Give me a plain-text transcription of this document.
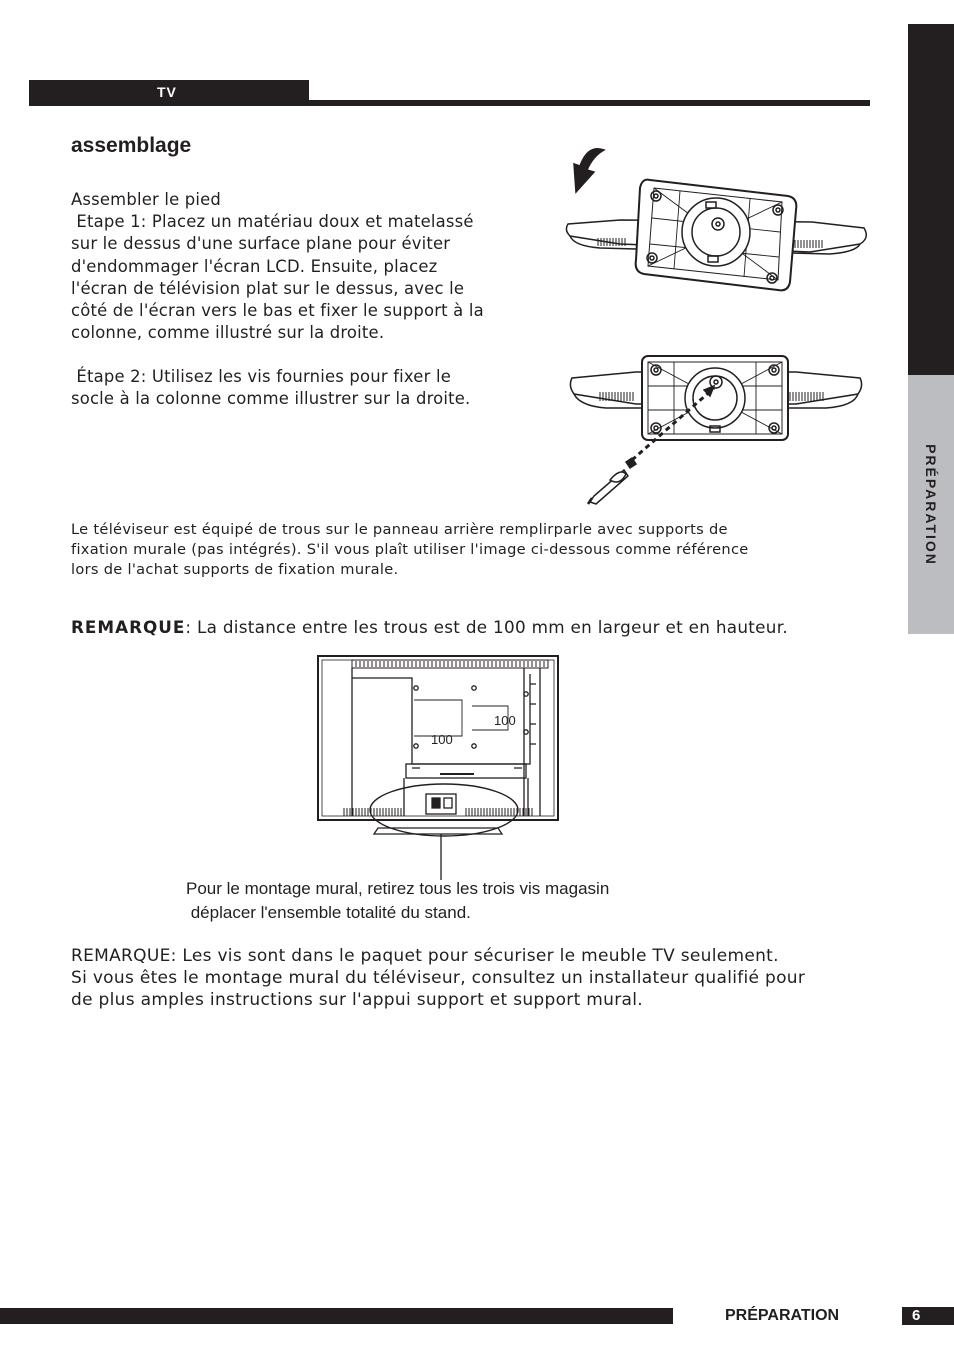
TV
PRÉPARATION
assemblage
Assembler le pied
Etape 1: Placez un matériau doux et matelassé
sur le dessus d'une surface plane pour éviter
d'endommager l'écran LCD. Ensuite, placez
l'écran de télévision plat sur le dessus, avec le
côté de l'écran vers le bas et fixer le support à la
colonne, comme illustré sur la droite.
Étape 2: Utilisez les vis fournies pour fixer le
socle à la colonne comme illustrer sur la droite.
Le téléviseur est équipé de trous sur le panneau arrière remplirparle avec supports de
fixation murale (pas intégrés). S'il vous plaît utiliser l'image ci-dessous comme référence
lors de l'achat supports de fixation murale.
REMARQUE: La distance entre les trous est de 100 mm en largeur et en hauteur.
100
100
Pour le montage mural, retirez tous les trois vis magasin
déplacer l'ensemble totalité du stand.
REMARQUE: Les vis sont dans le paquet pour sécuriser le meuble TV seulement.
Si vous êtes le montage mural du téléviseur, consultez un installateur qualifié pour
de plus amples instructions sur l'appui support et support mural.
PRÉPARATION	6
